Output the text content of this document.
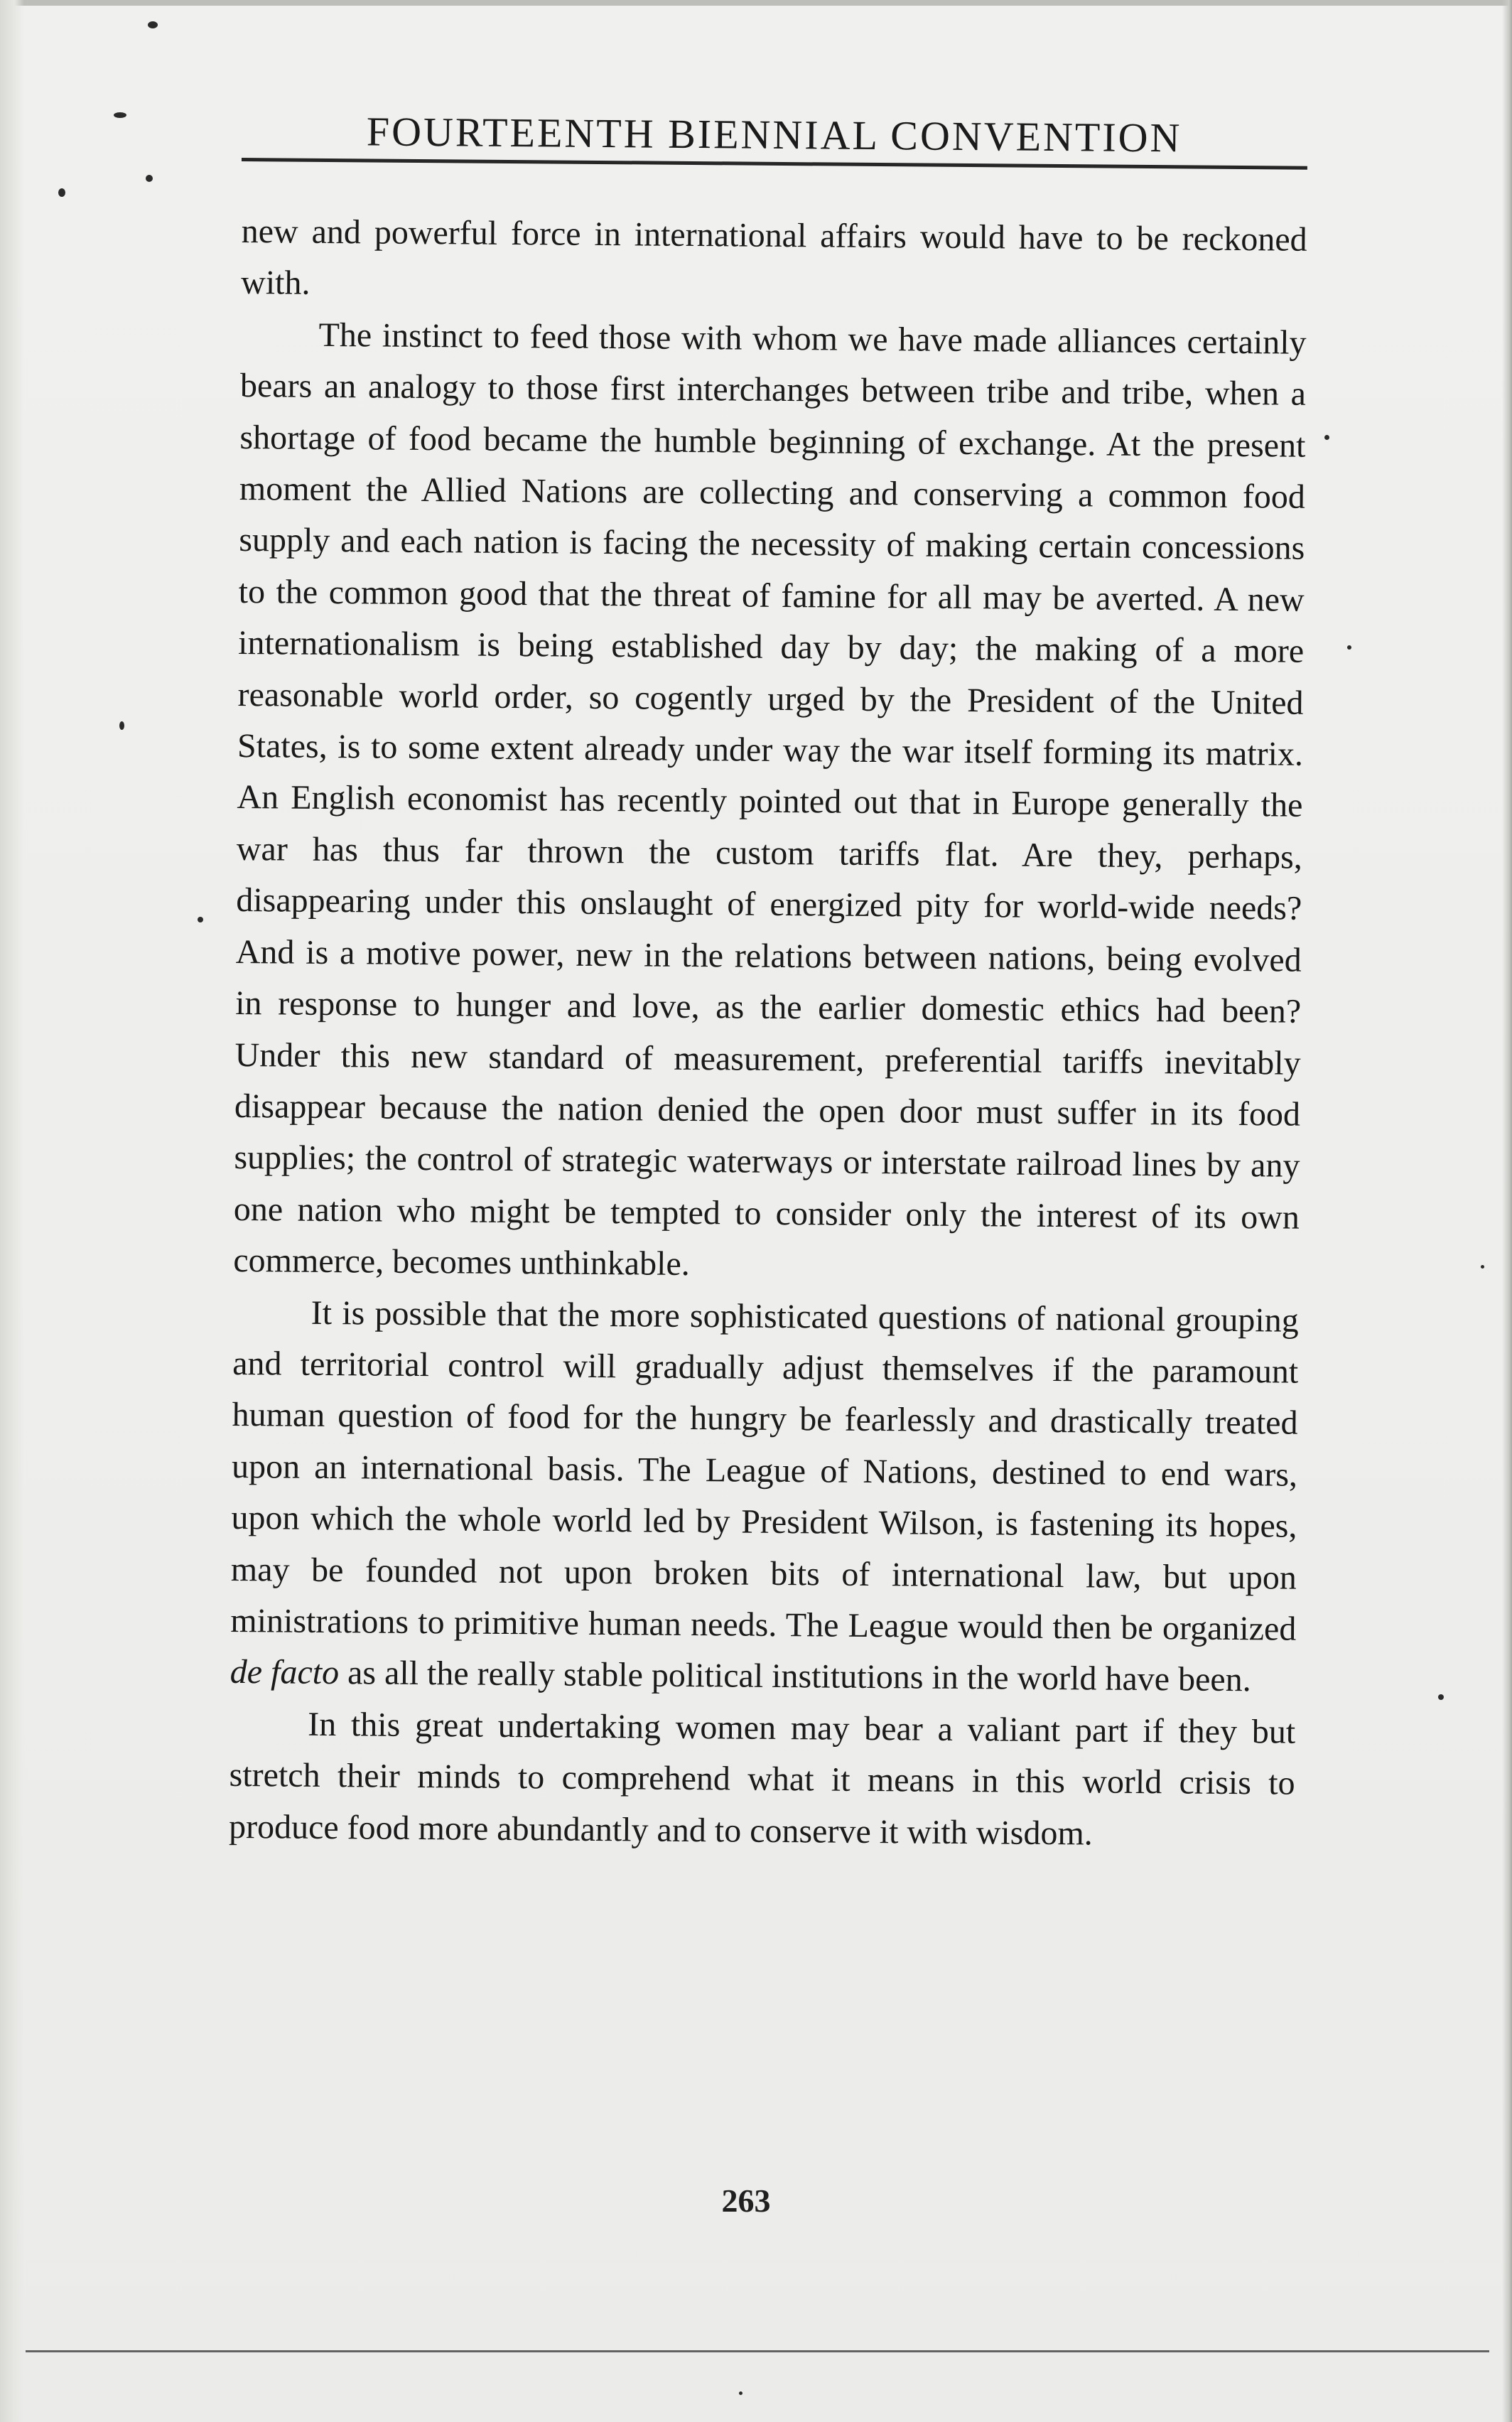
FOURTEENTH BIENNIAL CONVENTION

new and powerful force in international affairs would have to be reckoned with.

The instinct to feed those with whom we have made alliances certainly bears an analogy to those first interchanges between tribe and tribe, when a shortage of food became the humble beginning of exchange. At the present moment the Allied Nations are collecting and conserving a common food supply and each nation is facing the necessity of making certain concessions to the common good that the threat of famine for all may be averted. A new internationalism is being established day by day; the making of a more reasonable world order, so cogently urged by the President of the United States, is to some extent already under way the war itself forming its matrix. An English economist has recently pointed out that in Europe generally the war has thus far thrown the custom tariffs flat. Are they, perhaps, disappearing under this onslaught of energized pity for world-wide needs? And is a motive power, new in the relations between nations, being evolved in response to hunger and love, as the earlier domestic ethics had been? Under this new standard of measurement, preferential tariffs inevitably disappear because the nation denied the open door must suffer in its food supplies; the control of strategic waterways or interstate railroad lines by any one nation who might be tempted to consider only the interest of its own commerce, becomes unthinkable.

It is possible that the more sophisticated questions of national grouping and territorial control will gradually adjust themselves if the paramount human question of food for the hungry be fearlessly and drastically treated upon an international basis. The League of Nations, destined to end wars, upon which the whole world led by President Wilson, is fastening its hopes, may be founded not upon broken bits of international law, but upon ministrations to primitive human needs. The League would then be organized de facto as all the really stable political institutions in the world have been.

In this great undertaking women may bear a valiant part if they but stretch their minds to comprehend what it means in this world crisis to produce food more abundantly and to conserve it with wisdom.

263
